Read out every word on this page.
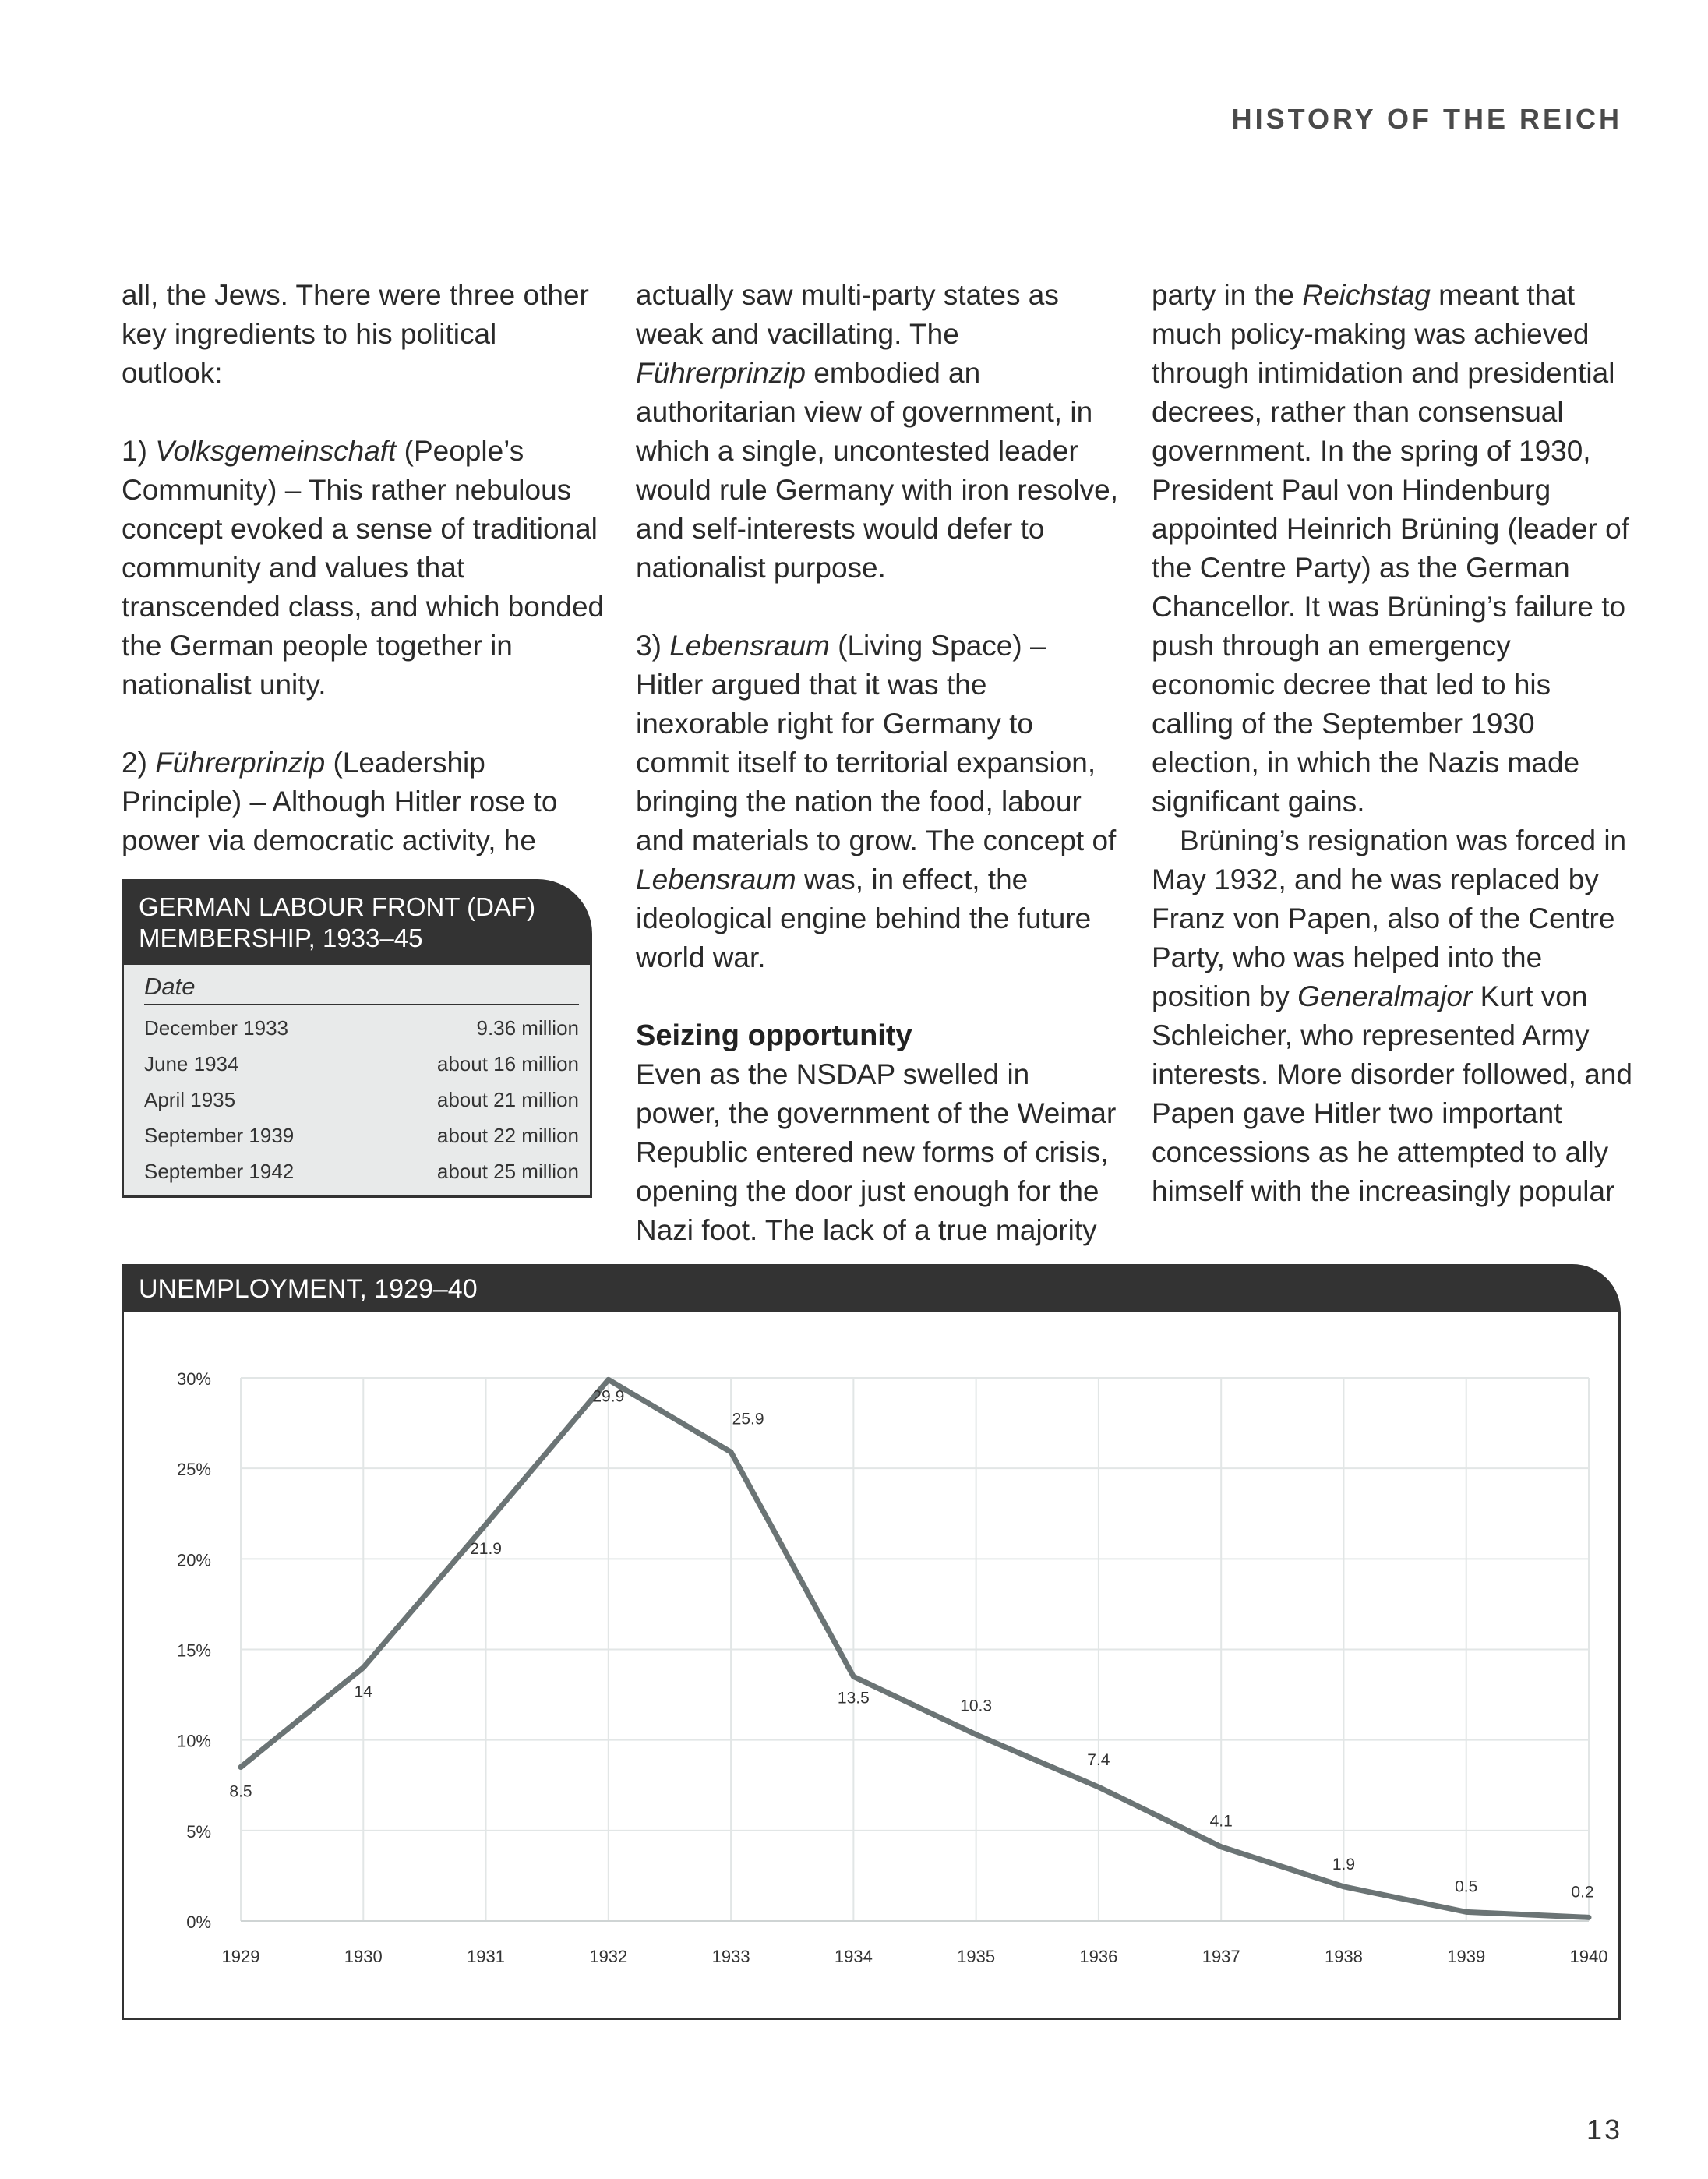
HISTORY OF THE REICH

all, the Jews. There were three other key ingredients to his political outlook:

1) Volksgemeinschaft (People’s Community) – This rather nebulous concept evoked a sense of traditional community and values that transcended class, and which bonded the German people together in nationalist unity.

2) Führerprinzip (Leadership Principle) – Although Hitler rose to power via democratic activity, he

GERMAN LABOUR FRONT (DAF)
MEMBERSHIP, 1933–45
Date
December 1933	9.36 million
June 1934	about 16 million
April 1935	about 21 million
September 1939	about 22 million
September 1942	about 25 million

actually saw multi-party states as weak and vacillating. The Führerprinzip embodied an authoritarian view of government, in which a single, uncontested leader would rule Germany with iron resolve, and self-interests would defer to nationalist purpose.

3) Lebensraum (Living Space) – Hitler argued that it was the inexorable right for Germany to commit itself to territorial expansion, bringing the nation the food, labour and materials to grow. The concept of Lebensraum was, in effect, the ideological engine behind the future world war.

Seizing opportunity

Even as the NSDAP swelled in power, the government of the Weimar Republic entered new forms of crisis, opening the door just enough for the Nazi foot. The lack of a true majority

party in the Reichstag meant that much policy-making was achieved through intimidation and presidential decrees, rather than consensual government. In the spring of 1930, President Paul von Hindenburg appointed Heinrich Brüning (leader of the Centre Party) as the German Chancellor. It was Brüning’s failure to push through an emergency economic decree that led to his calling of the September 1930 election, in which the Nazis made significant gains.

Brüning’s resignation was forced in May 1932, and he was replaced by Franz von Papen, also of the Centre Party, who was helped into the position by Generalmajor Kurt von Schleicher, who represented Army interests. More disorder followed, and Papen gave Hitler two important concessions as he attempted to ally himself with the increasingly popular

UNEMPLOYMENT, 1929–40
0%
5%
10%
15%
20%
25%
30%
1929	1930	1931	1932	1933	1934	1935	1936	1937	1938	1939	1940
8.5
14
21.9
29.9
25.9
13.5	10.3
7.4
4.1
1.9
0.5	0.2
13
